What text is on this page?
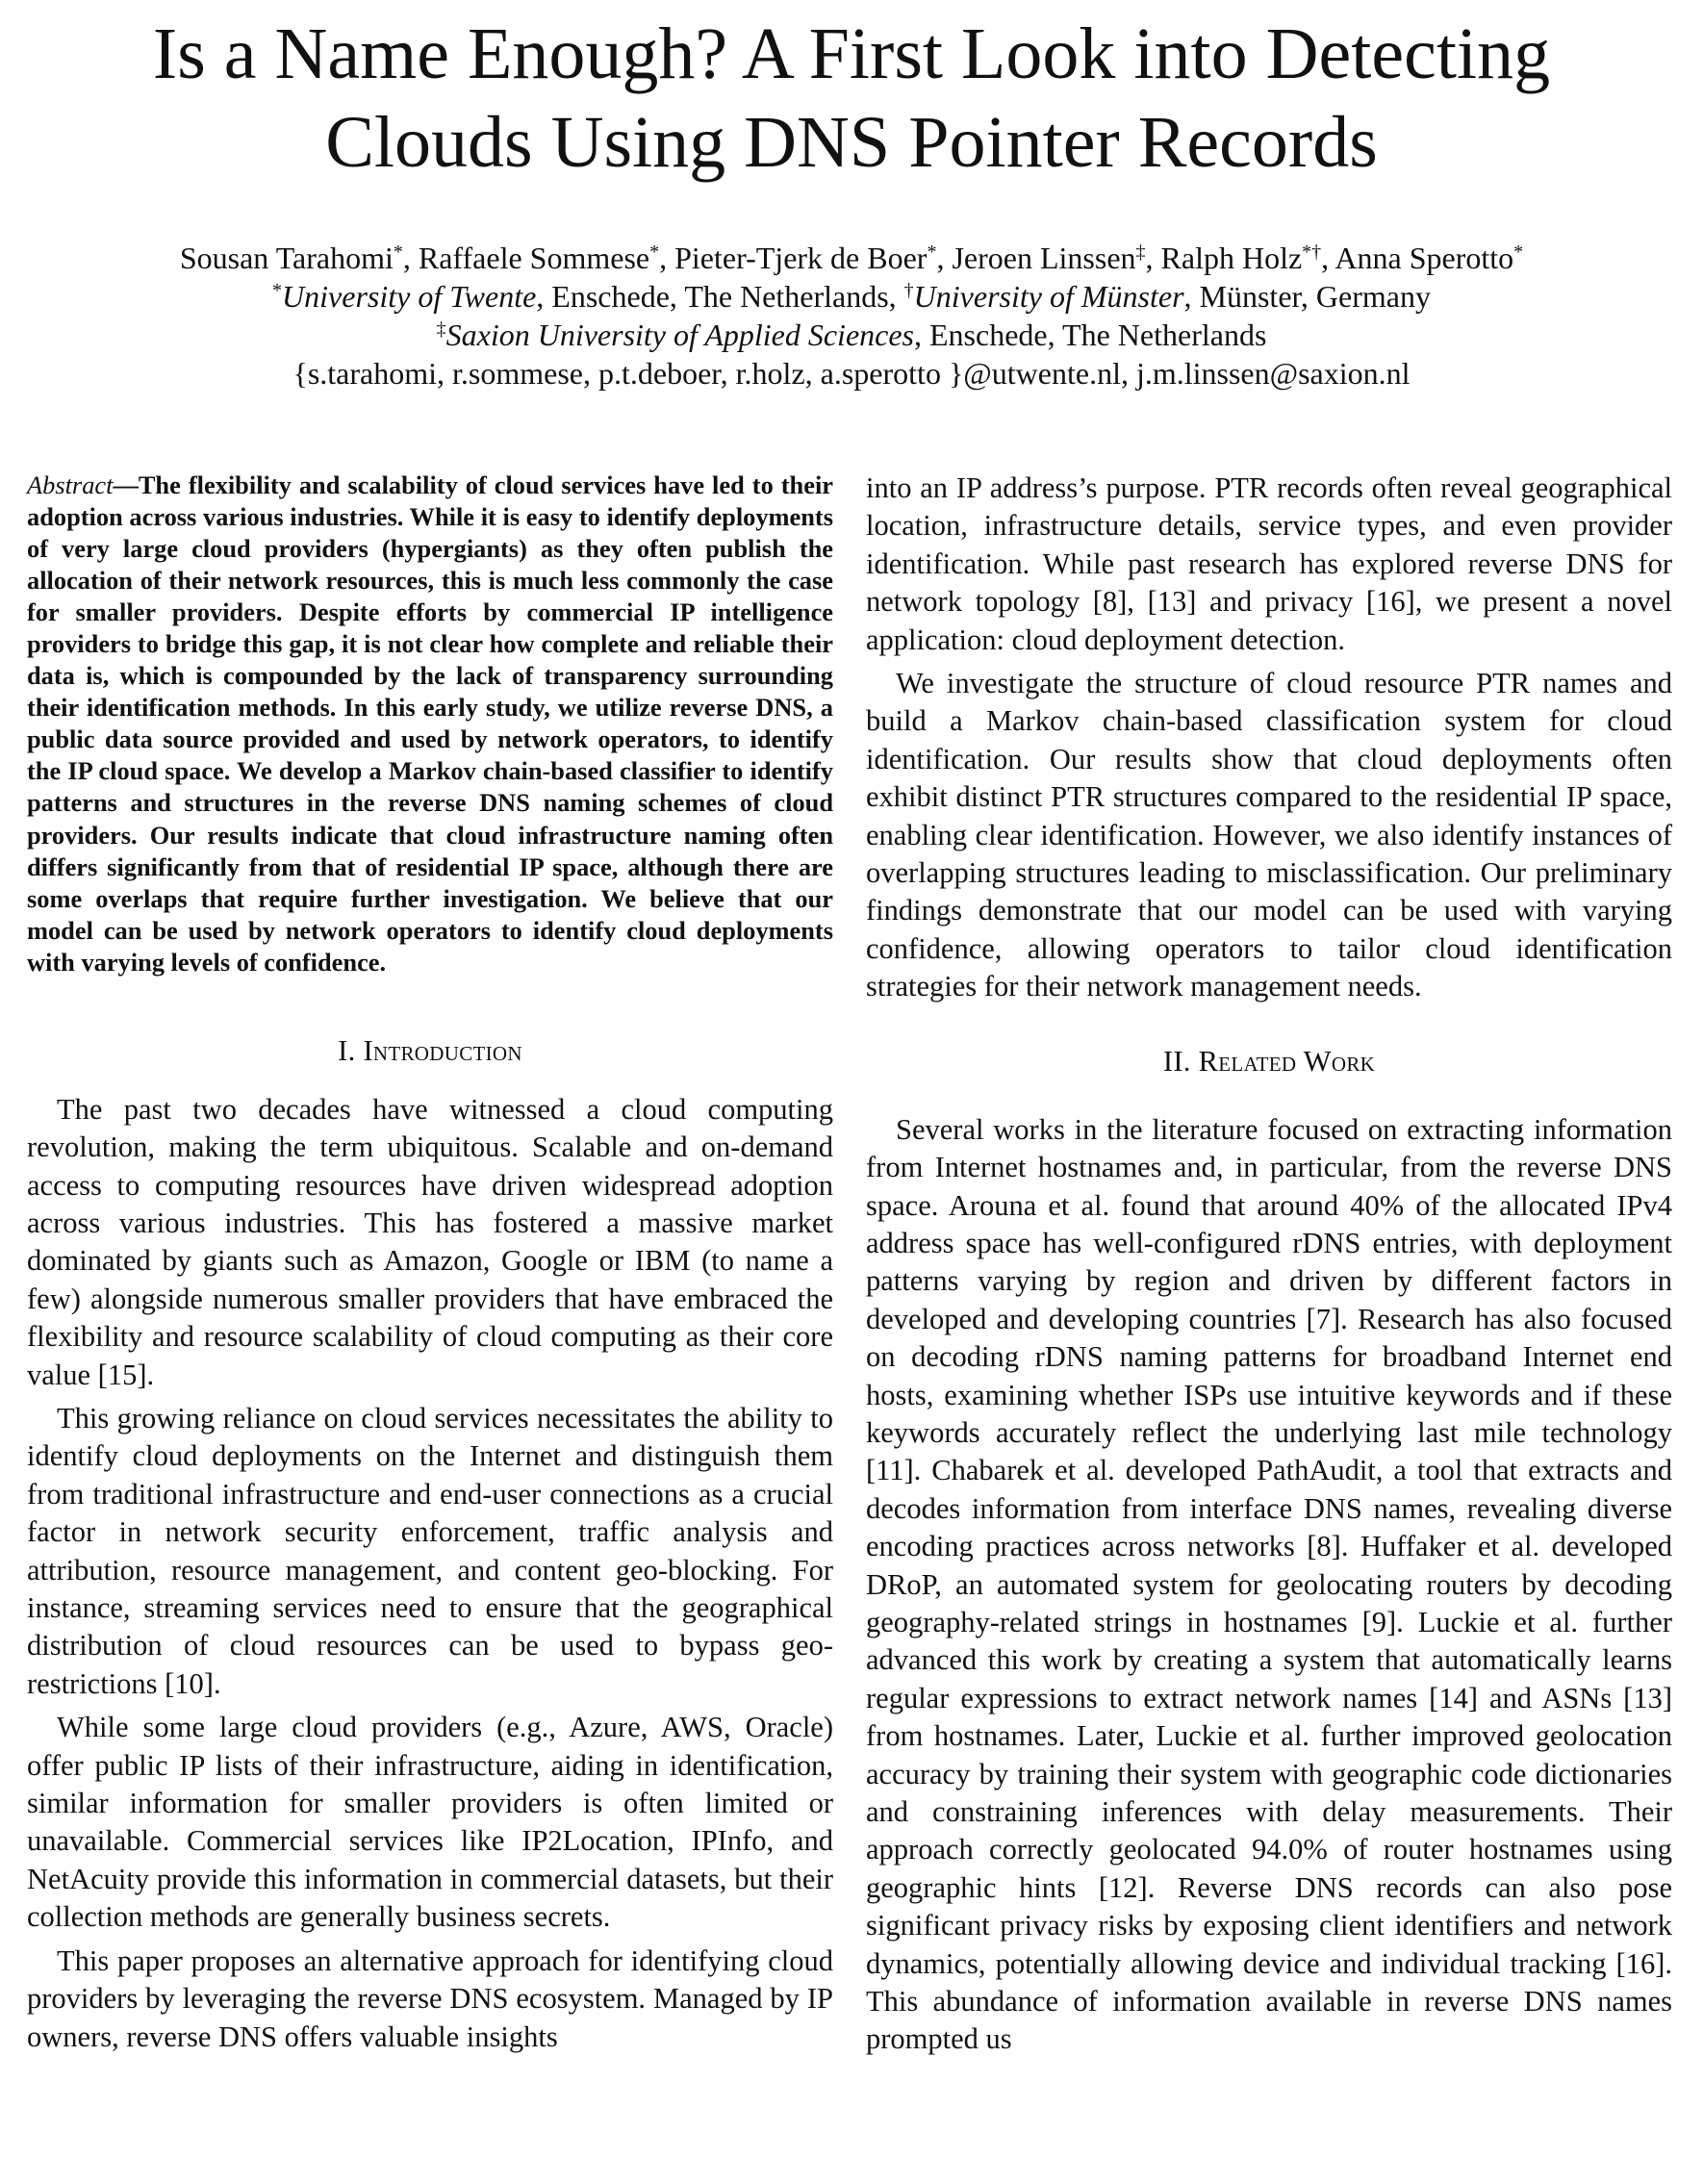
Is a Name Enough? A First Look into Detecting
Clouds Using DNS Pointer Records
Sousan Tarahomi*, Raffaele Sommese*, Pieter-Tjerk de Boer*, Jeroen Linssen‡, Ralph Holz*†, Anna Sperotto*
*University of Twente, Enschede, The Netherlands, †University of Münster, Münster, Germany
‡Saxion University of Applied Sciences, Enschede, The Netherlands
{s.tarahomi, r.sommese, p.t.deboer, r.holz, a.sperotto }@utwente.nl, j.m.linssen@saxion.nl

Abstract—The flexibility and scalability of cloud services have led to their adoption across various industries. While it is easy to identify deployments of very large cloud providers (hypergiants) as they often publish the allocation of their network resources, this is much less commonly the case for smaller providers. Despite efforts by commercial IP intelligence providers to bridge this gap, it is not clear how complete and reliable their data is, which is compounded by the lack of transparency surrounding their identification methods. In this early study, we utilize reverse DNS, a public data source provided and used by network operators, to identify the IP cloud space. We develop a Markov chain-based classifier to identify patterns and structures in the reverse DNS naming schemes of cloud providers. Our results indicate that cloud infrastructure naming often differs significantly from that of residential IP space, although there are some overlaps that require further investigation. We believe that our model can be used by network operators to identify cloud deployments with varying levels of confidence.

I. Introduction

The past two decades have witnessed a cloud computing revolution, making the term ubiquitous. Scalable and on-demand access to computing resources have driven widespread adoption across various industries. This has fostered a massive market dominated by giants such as Amazon, Google or IBM (to name a few) alongside numerous smaller providers that have embraced the flexibility and resource scalability of cloud computing as their core value [15].

This growing reliance on cloud services necessitates the ability to identify cloud deployments on the Internet and distinguish them from traditional infrastructure and end-user connections as a crucial factor in network security enforcement, traffic analysis and attribution, resource management, and content geo-blocking. For instance, streaming services need to ensure that the geographical distribution of cloud resources can be used to bypass geo-restrictions [10].

While some large cloud providers (e.g., Azure, AWS, Oracle) offer public IP lists of their infrastructure, aiding in identification, similar information for smaller providers is often limited or unavailable. Commercial services like IP2Location, IPInfo, and NetAcuity provide this information in commercial datasets, but their collection methods are generally business secrets.

This paper proposes an alternative approach for identifying cloud providers by leveraging the reverse DNS ecosystem. Managed by IP owners, reverse DNS offers valuable insights

into an IP address’s purpose. PTR records often reveal geographical location, infrastructure details, service types, and even provider identification. While past research has explored reverse DNS for network topology [8], [13] and privacy [16], we present a novel application: cloud deployment detection.

We investigate the structure of cloud resource PTR names and build a Markov chain-based classification system for cloud identification. Our results show that cloud deployments often exhibit distinct PTR structures compared to the residential IP space, enabling clear identification. However, we also identify instances of overlapping structures leading to misclassification. Our preliminary findings demonstrate that our model can be used with varying confidence, allowing operators to tailor cloud identification strategies for their network management needs.

II. Related Work

Several works in the literature focused on extracting information from Internet hostnames and, in particular, from the reverse DNS space. Arouna et al. found that around 40% of the allocated IPv4 address space has well-configured rDNS entries, with deployment patterns varying by region and driven by different factors in developed and developing countries [7]. Research has also focused on decoding rDNS naming patterns for broadband Internet end hosts, examining whether ISPs use intuitive keywords and if these keywords accurately reflect the underlying last mile technology [11]. Chabarek et al. developed PathAudit, a tool that extracts and decodes information from interface DNS names, revealing diverse encoding practices across networks [8]. Huffaker et al. developed DRoP, an automated system for geolocating routers by decoding geography-related strings in hostnames [9]. Luckie et al. further advanced this work by creating a system that automatically learns regular expressions to extract network names [14] and ASNs [13] from hostnames. Later, Luckie et al. further improved geolocation accuracy by training their system with geographic code dictionaries and constraining inferences with delay measurements. Their approach correctly geolocated 94.0% of router hostnames using geographic hints [12]. Reverse DNS records can also pose significant privacy risks by exposing client identifiers and network dynamics, potentially allowing device and individual tracking [16]. This abundance of information available in reverse DNS names prompted us
